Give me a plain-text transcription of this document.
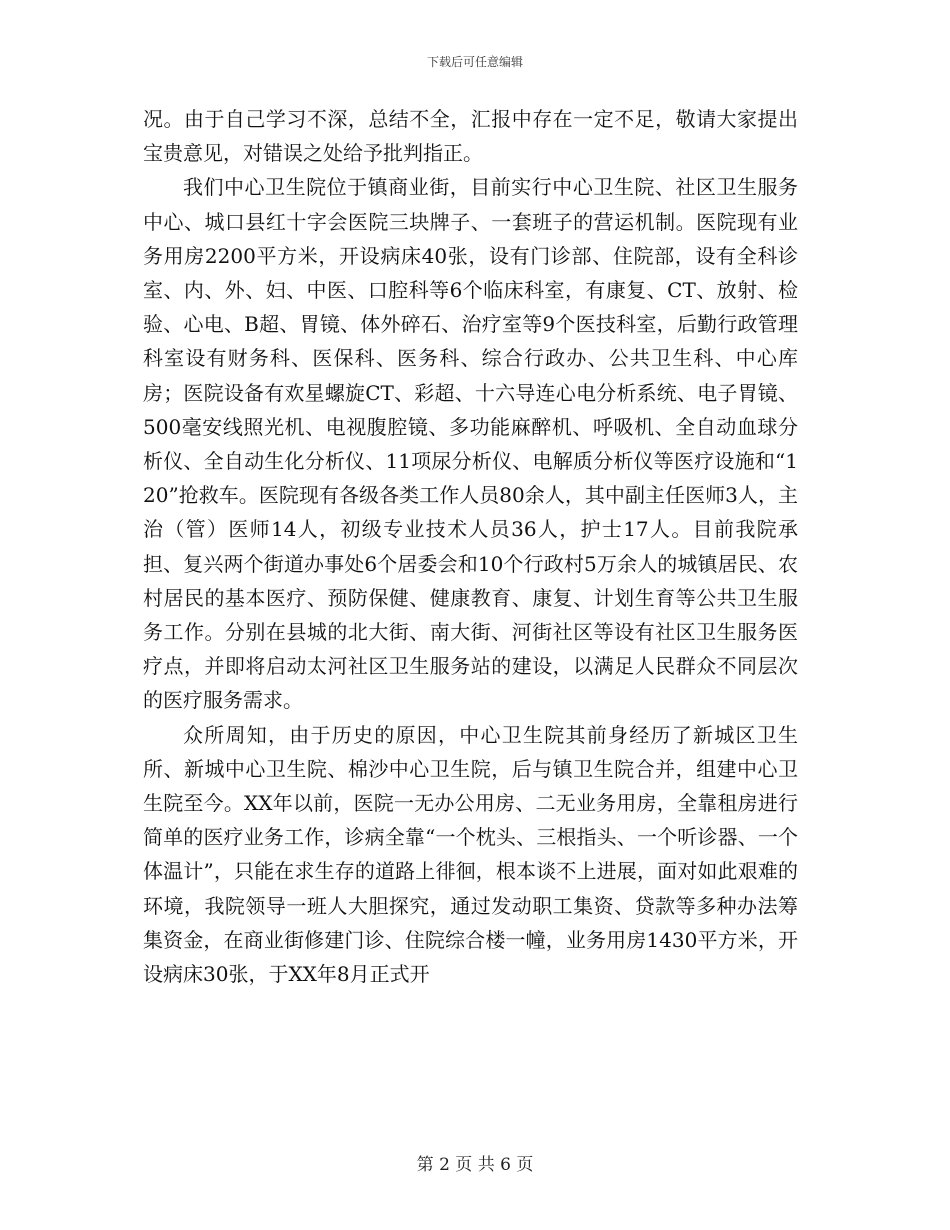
下载后可任意编辑

况。由于自己学习不深，总结不全，汇报中存在一定不足，敬请大家提出宝贵意见，对错误之处给予批判指正。

我们中心卫生院位于镇商业街，目前实行中心卫生院、社区卫生服务中心、城口县红十字会医院三块牌子、一套班子的营运机制。医院现有业务用房2200平方米，开设病床40张，设有门诊部、住院部，设有全科诊室、内、外、妇、中医、口腔科等6个临床科室，有康复、CT、放射、检验、心电、B超、胃镜、体外碎石、治疗室等9个医技科室，后勤行政管理科室设有财务科、医保科、医务科、综合行政办、公共卫生科、中心库房；医院设备有欢星螺旋CT、彩超、十六导连心电分析系统、电子胃镜、500毫安线照光机、电视腹腔镜、多功能麻醉机、呼吸机、全自动血球分析仪、全自动生化分析仪、11项尿分析仪、电解质分析仪等医疗设施和“120”抢救车。医院现有各级各类工作人员80余人，其中副主任医师3人，主治（管）医师14人，初级专业技术人员36人，护士17人。目前我院承担、复兴两个街道办事处6个居委会和10个行政村5万余人的城镇居民、农村居民的基本医疗、预防保健、健康教育、康复、计划生育等公共卫生服务工作。分别在县城的北大街、南大街、河街社区等设有社区卫生服务医疗点，并即将启动太河社区卫生服务站的建设，以满足人民群众不同层次的医疗服务需求。

众所周知，由于历史的原因，中心卫生院其前身经历了新城区卫生所、新城中心卫生院、棉沙中心卫生院，后与镇卫生院合并，组建中心卫生院至今。XX年以前，医院一无办公用房、二无业务用房，全靠租房进行简单的医疗业务工作，诊病全靠“一个枕头、三根指头、一个听诊器、一个体温计”，只能在求生存的道路上徘徊，根本谈不上进展，面对如此艰难的环境，我院领导一班人大胆探究，通过发动职工集资、贷款等多种办法筹集资金，在商业街修建门诊、住院综合楼一幢，业务用房1430平方米，开设病床30张，于XX年8月正式开

第 2 页 共 6 页
